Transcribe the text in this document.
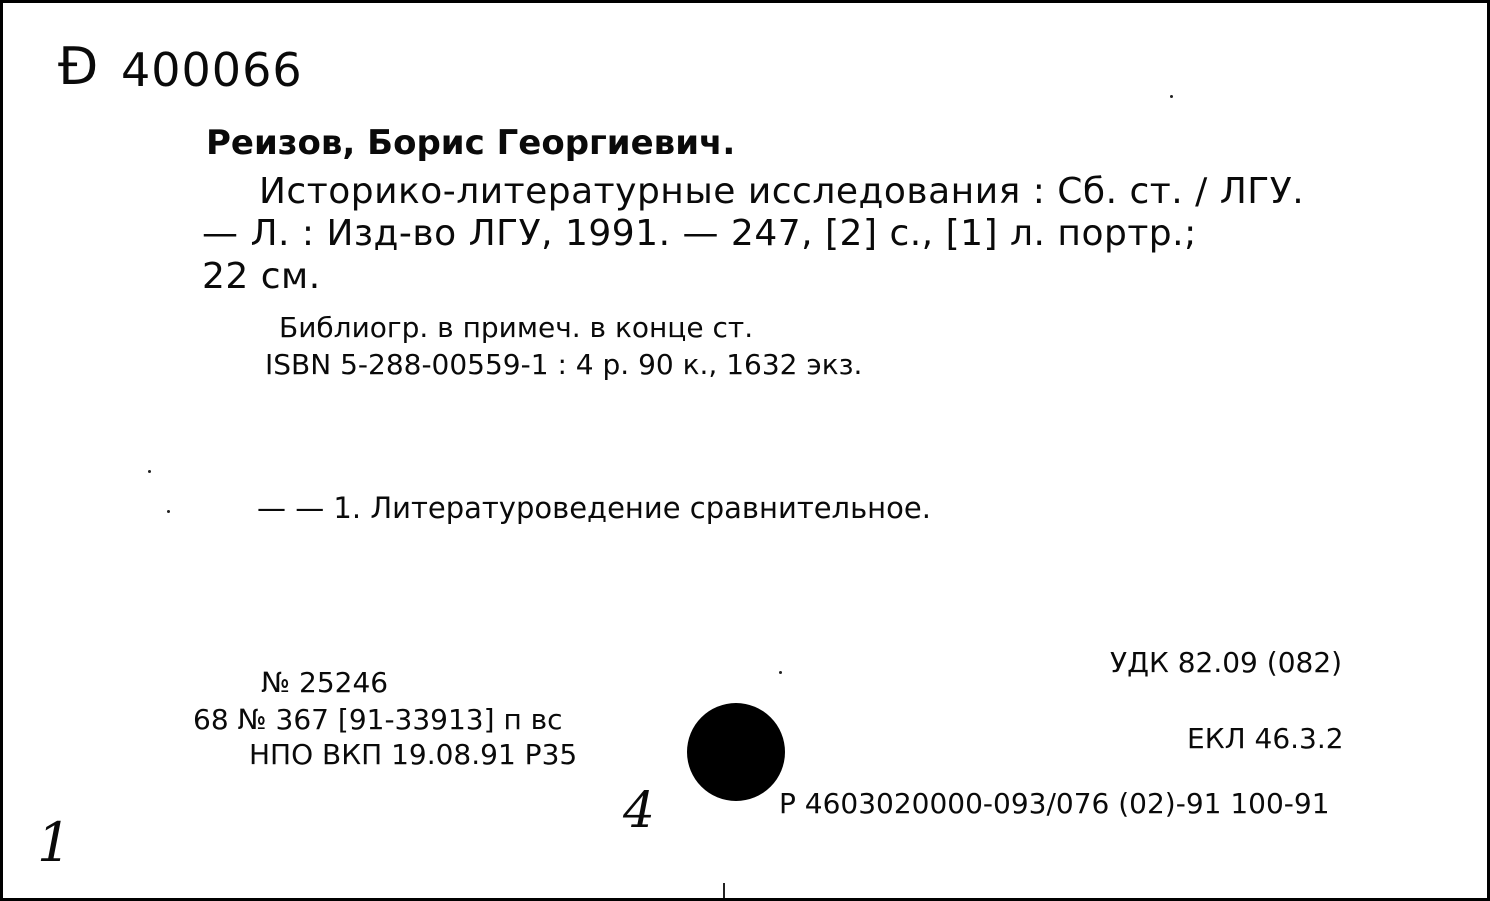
Ð 400066
Реизов, Борис Георгиевич.
Историко-литературные исследования : Сб. ст. / ЛГУ.
— Л. : Изд-во ЛГУ, 1991. — 247, [2] с., [1] л. портр.;
22 см.
Библиогр. в примеч. в конце ст.
ISBN 5-288-00559-1 : 4 р. 90 к., 1632 экз.
— — 1. Литературоведение сравнительное.
№ 25246
68 № 367 [91-33913] п вс
НПО ВКП 19.08.91 Р35
УДК 82.09 (082)
ЕКЛ 46.3.2
Р 4603020000-093/076 (02)-91 100-91
1
4
